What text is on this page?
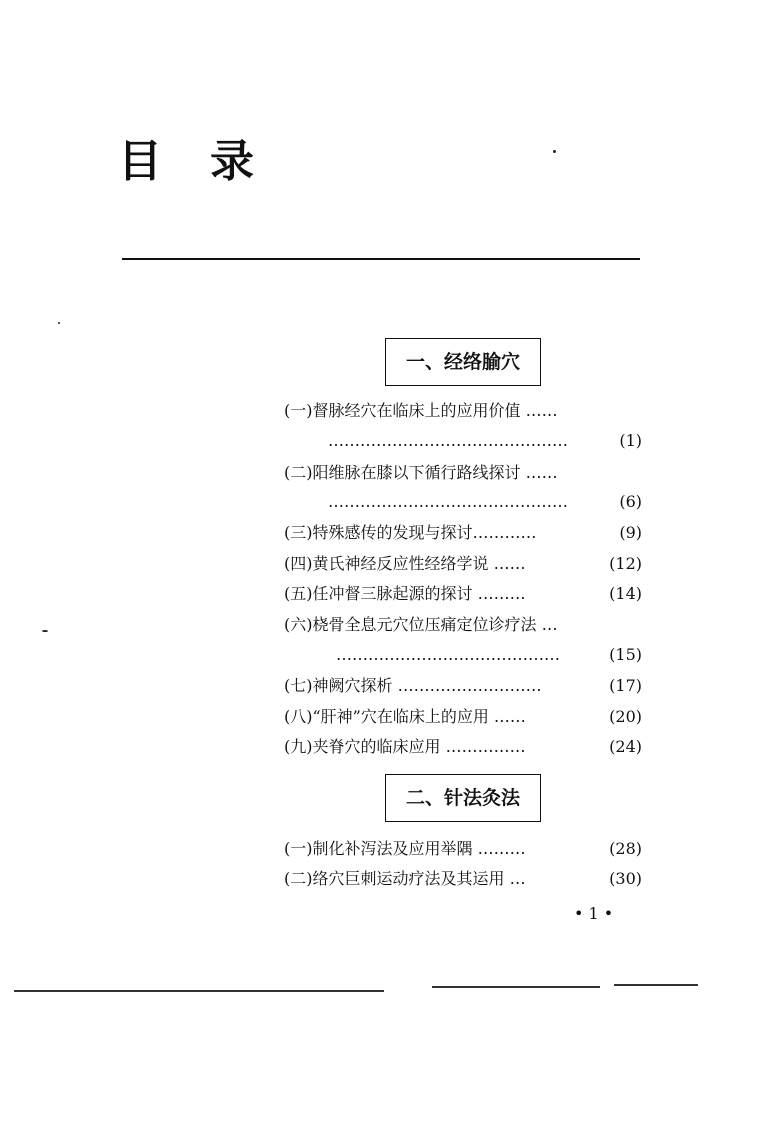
目 录
一、经络腧穴
(一)督脉经穴在临床上的应用价值 ……
………………………………………	(1)
(二)阳维脉在膝以下循行路线探讨 ……
………………………………………	(6)
(三)特殊感传的发现与探讨…………	(9)
(四)黄氏神经反应性经络学说 ……	(12)
(五)任冲督三脉起源的探讨 ………	(14)
(六)桡骨全息元穴位压痛定位诊疗法 …
……………………………………	(15)
(七)神阙穴探析 ………………………	(17)
(八)“肝神”穴在临床上的应用 ……	(20)
(九)夹脊穴的临床应用 ……………	(24)
二、针法灸法
(一)制化补泻法及应用举隅 ………	(28)
(二)络穴巨刺运动疗法及其运用 …	(30)
• 1 •
